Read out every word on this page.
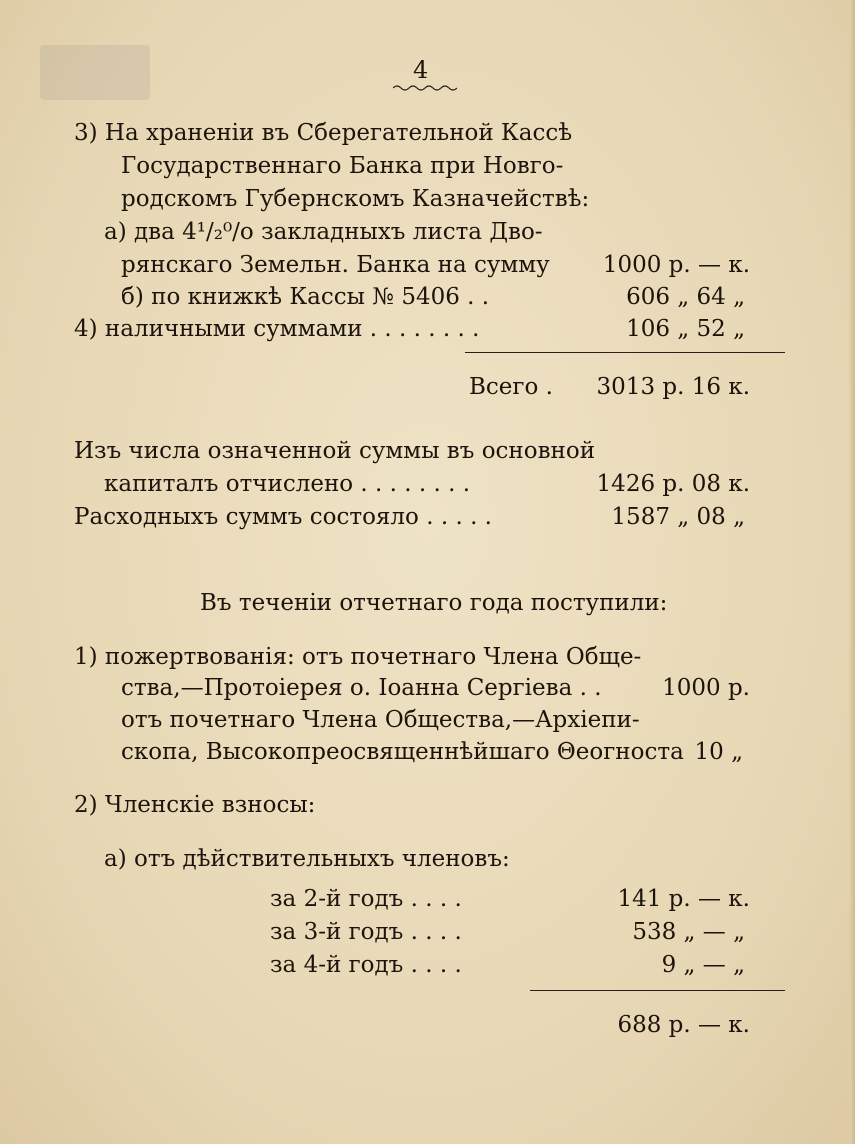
4
3) На храненіи въ Сберегательной Кассѣ
Государственнаго Банка при Новго-
родскомъ Губернскомъ Казначействѣ:
а) два 4¹/₂⁰/о закладныхъ листа Дво-
рянскаго Земельн. Банка на сумму 1000 р. — к.
б) по книжкѣ Кассы № 5406 . .	606 „ 64 „
4) наличными суммами . . . . . . . .	106 „ 52 „
Всего . 3013 р. 16 к.
Изъ числа означенной суммы въ основной
капиталъ отчислено . . . . . . . .	1426 р. 08 к.
Расходныхъ суммъ состояло . . . . .	1587 „ 08 „
Въ теченіи отчетнаго года поступили:
1) пожертвованія: отъ почетнаго Члена Обще-
ства,—Протоіерея о. Іоанна Сергіева . .	1000 р.
отъ почетнаго Члена Общества,—Архіепи-
скопа, Высокопреосвященнѣйшаго Θеогноста 10 „
2) Членскіе взносы:
а) отъ дѣйствительныхъ членовъ:
за 2-й годъ . . . .	141 р. — к.
за 3-й годъ . . . .	538 „ — „
за 4-й годъ . . . .	9 „ — „
688 р. — к.
